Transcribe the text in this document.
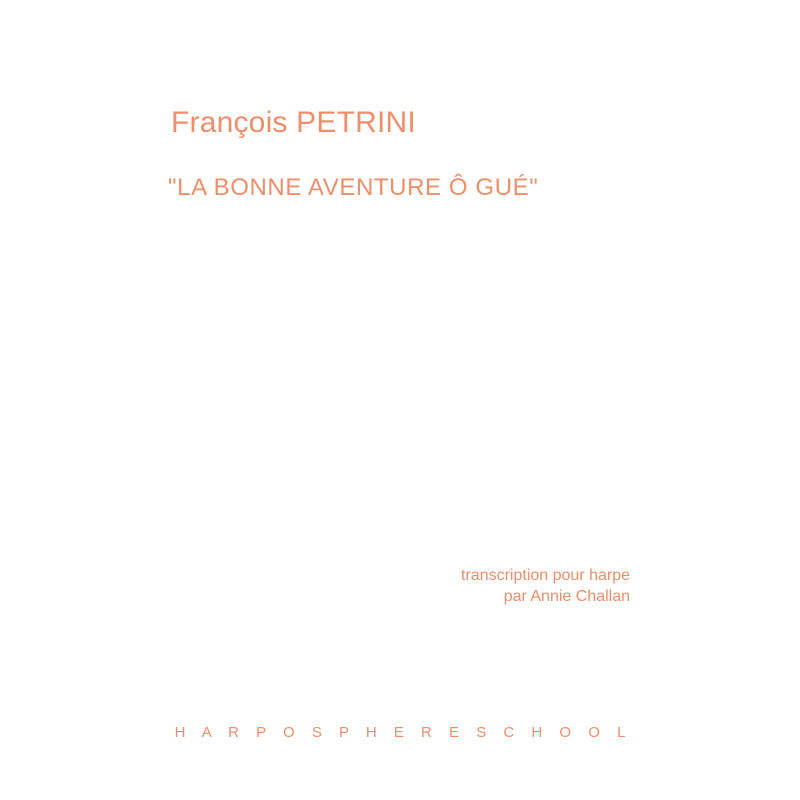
François PETRINI
"LA BONNE AVENTURE Ô GUÉ"
transcription pour harpe
par Annie Challan
H A R P O S P H E R E S C H O O L
